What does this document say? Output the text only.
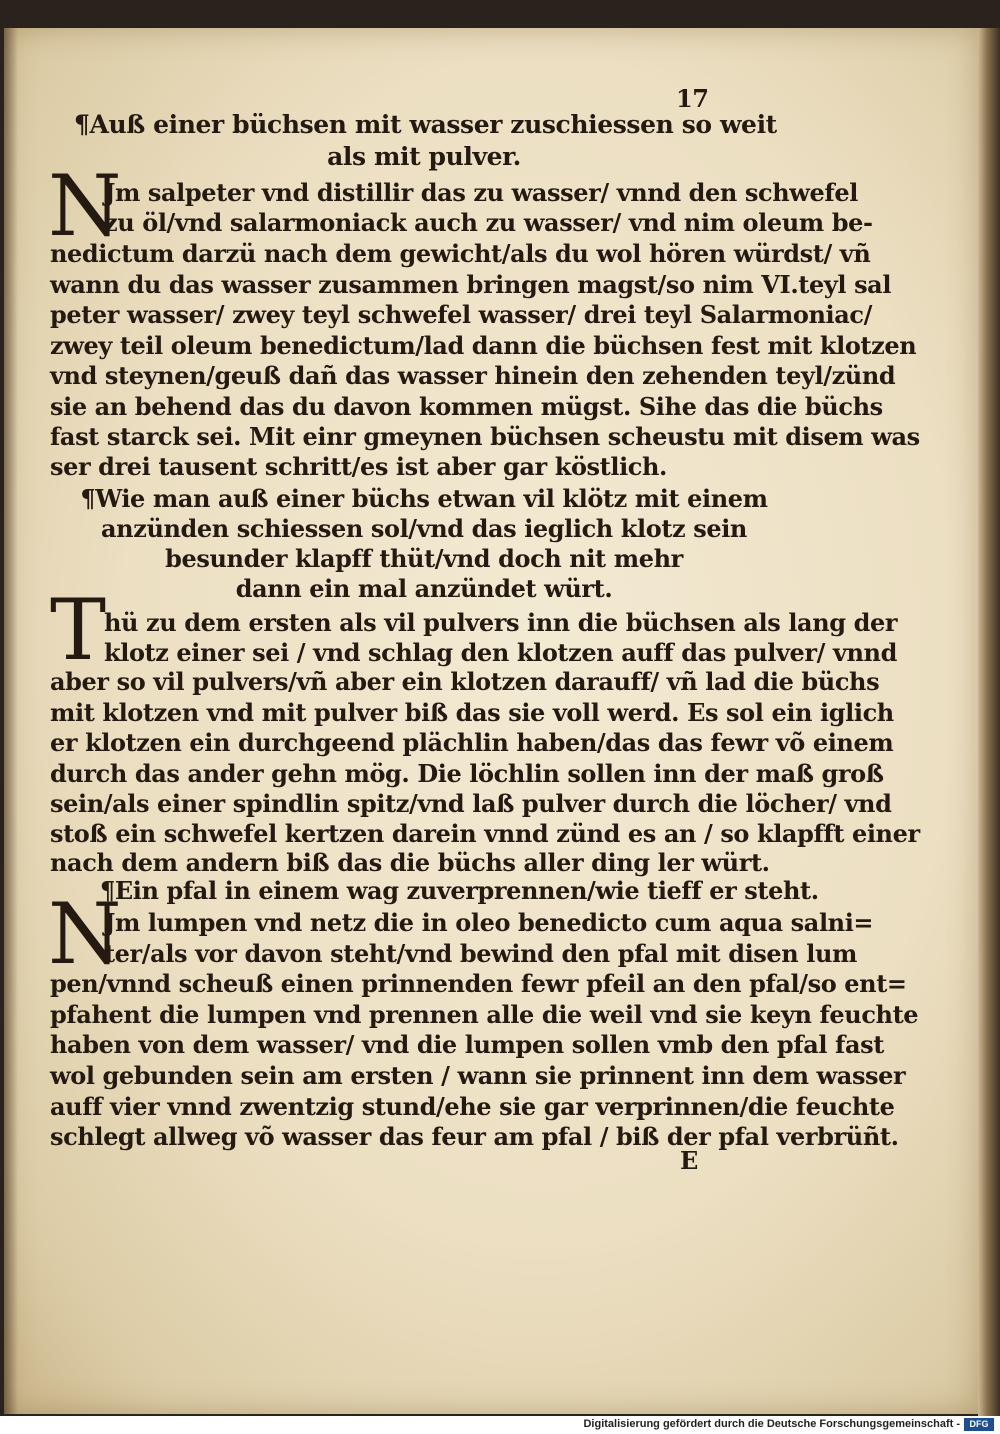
17
¶Auß einer büchsen mit wasser zuschiessen so weit
als mit pulver.
N
Jm salpeter vnd distillir das zu wasser/ vnnd den schwefel
zu öl/vnd salarmoniack auch zu wasser/ vnd nim oleum be-
nedictum darzü nach dem gewicht/als du wol hören würdst/ vñ
wann du das wasser zusammen bringen magst/so nim VI.teyl sal
peter wasser/ zwey teyl schwefel wasser/ drei teyl Salarmoniac/
zwey teil oleum benedictum/lad dann die büchsen fest mit klotzen
vnd steynen/geuß dañ das wasser hinein den zehenden teyl/zünd
sie an behend das du davon kommen mügst. Sihe das die büchs
fast starck sei. Mit einr gmeynen büchsen scheustu mit disem was
ser drei tausent schritt/es ist aber gar köstlich.
¶Wie man auß einer büchs etwan vil klötz mit einem
anzünden schiessen sol/vnd das ieglich klotz sein
besunder klapff thüt/vnd doch nit mehr
dann ein mal anzündet würt.
T
hü zu dem ersten als vil pulvers inn die büchsen als lang der
klotz einer sei / vnd schlag den klotzen auff das pulver/ vnnd
aber so vil pulvers/vñ aber ein klotzen darauff/ vñ lad die büchs
mit klotzen vnd mit pulver biß das sie voll werd. Es sol ein iglich
er klotzen ein durchgeend plächlin haben/das das fewr võ einem
durch das ander gehn mög. Die löchlin sollen inn der maß groß
sein/als einer spindlin spitz/vnd laß pulver durch die löcher/ vnd
stoß ein schwefel kertzen darein vnnd zünd es an / so klapfft einer
nach dem andern biß das die büchs aller ding ler würt.
¶Ein pfal in einem wag zuverprennen/wie tieff er steht.
N
Jm lumpen vnd netz die in oleo benedicto cum aqua salni=
ter/als vor davon steht/vnd bewind den pfal mit disen lum
pen/vnnd scheuß einen prinnenden fewr pfeil an den pfal/so ent=
pfahent die lumpen vnd prennen alle die weil vnd sie keyn feuchte
haben von dem wasser/ vnd die lumpen sollen vmb den pfal fast
wol gebunden sein am ersten / wann sie prinnent inn dem wasser
auff vier vnnd zwentzig stund/ehe sie gar verprinnen/die feuchte
schlegt allweg võ wasser das feur am pfal / biß der pfal verbrüñt.
E
Digitalisierung gefördert durch die Deutsche Forschungsgemeinschaft -	DFG
